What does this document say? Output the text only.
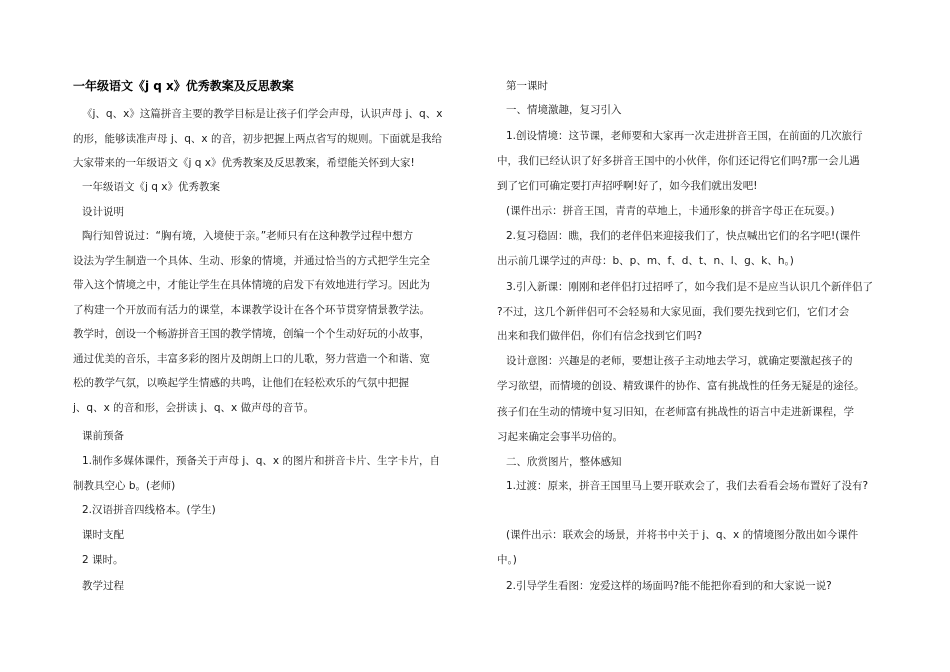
一年级语文《j q x》优秀教案及反思教案
《j、q、x》这篇拼音主要的教学目标是让孩子们学会声母，认识声母 j、q、x
的形，能够读准声母 j、q、x 的音，初步把握上两点省写的规则。下面就是我给
大家带来的一年级语文《j q x》优秀教案及反思教案，希望能关怀到大家!
一年级语文《j q x》优秀教案
设计说明
陶行知曾说过：“胸有境，入境使于亲。”老师只有在这种教学过程中想方
设法为学生制造一个具体、生动、形象的情境，并通过恰当的方式把学生完全
带入这个情境之中，才能让学生在具体情境的启发下有效地进行学习。因此为
了构建一个开放而有活力的课堂，本课教学设计在各个环节贯穿情景教学法。
教学时，创设一个畅游拼音王国的教学情境，创编一个个生动好玩的小故事，
通过优美的音乐，丰富多彩的图片及朗朗上口的儿歌，努力营造一个和谐、宽
松的教学气氛，以唤起学生情感的共鸣，让他们在轻松欢乐的气氛中把握
j、q、x 的音和形，会拼读 j、q、x 做声母的音节。
课前预备
1.制作多媒体课件，预备关于声母 j、q、x 的图片和拼音卡片、生字卡片，自
制教具空心 b。(老师)
2.汉语拼音四线格本。(学生)
课时支配
2 课时。
教学过程
第一课时
一、情境激趣，复习引入
1.创设情境：这节课，老师要和大家再一次走进拼音王国，在前面的几次旅行
中，我们已经认识了好多拼音王国中的小伙伴，你们还记得它们吗?那一会儿遇
到了它们可确定要打声招呼啊!好了，如今我们就出发吧!
(课件出示：拼音王国，青青的草地上，卡通形象的拼音字母正在玩耍。)
2.复习稳固：瞧，我们的老伴侣来迎接我们了，快点喊出它们的名字吧!(课件
出示前几课学过的声母：b、p、m、f、d、t、n、l、g、k、h。)
3.引入新课：刚刚和老伴侣打过招呼了，如今我们是不是应当认识几个新伴侣了
?不过，这几个新伴侣可不会轻易和大家见面，我们要先找到它们，它们才会
出来和我们做伴侣，你们有信念找到它们吗?
设计意图：兴趣是的老师，要想让孩子主动地去学习，就确定要激起孩子的
学习欲望，而情境的创设、精致课件的协作、富有挑战性的任务无疑是的途径。
孩子们在生动的情境中复习旧知，在老师富有挑战性的语言中走进新课程，学
习起来确定会事半功倍的。
二、欣赏图片，整体感知
1.过渡：原来，拼音王国里马上要开联欢会了，我们去看看会场布置好了没有?
(课件出示：联欢会的场景，并将书中关于 j、q、x 的情境图分散出如今课件
中。)
2.引导学生看图：宠爱这样的场面吗?能不能把你看到的和大家说一说?
